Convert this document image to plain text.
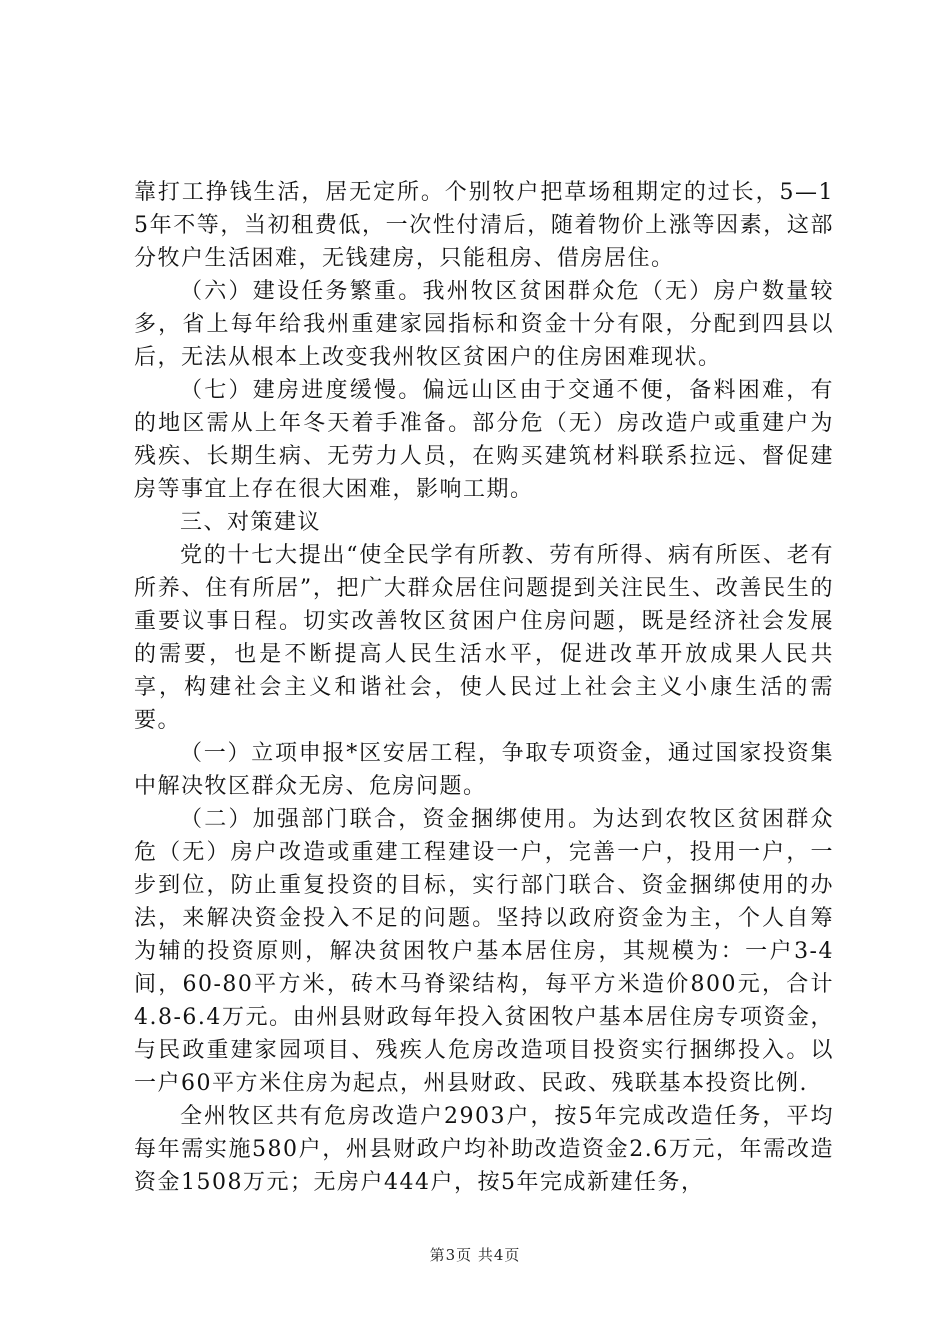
靠打工挣钱生活，居无定所。个别牧户把草场租期定的过长，5—15年不等，当初租费低，一次性付清后，随着物价上涨等因素，这部分牧户生活困难，无钱建房，只能租房、借房居住。

（六）建设任务繁重。我州牧区贫困群众危（无）房户数量较多，省上每年给我州重建家园指标和资金十分有限，分配到四县以后，无法从根本上改变我州牧区贫困户的住房困难现状。

（七）建房进度缓慢。偏远山区由于交通不便，备料困难，有的地区需从上年冬天着手准备。部分危（无）房改造户或重建户为残疾、长期生病、无劳力人员，在购买建筑材料联系拉远、督促建房等事宜上存在很大困难，影响工期。

三、对策建议

党的十七大提出“使全民学有所教、劳有所得、病有所医、老有所养、住有所居”，把广大群众居住问题提到关注民生、改善民生的重要议事日程。切实改善牧区贫困户住房问题，既是经济社会发展的需要，也是不断提高人民生活水平，促进改革开放成果人民共享，构建社会主义和谐社会，使人民过上社会主义小康生活的需要。

（一）立项申报*区安居工程，争取专项资金，通过国家投资集中解决牧区群众无房、危房问题。

（二）加强部门联合，资金捆绑使用。为达到农牧区贫困群众危（无）房户改造或重建工程建设一户，完善一户，投用一户，一步到位，防止重复投资的目标，实行部门联合、资金捆绑使用的办法，来解决资金投入不足的问题。坚持以政府资金为主，个人自筹为辅的投资原则，解决贫困牧户基本居住房，其规模为：一户3-4间，60-80平方米，砖木马脊梁结构，每平方米造价800元，合计4.8-6.4万元。由州县财政每年投入贫困牧户基本居住房专项资金，与民政重建家园项目、残疾人危房改造项目投资实行捆绑投入。以一户60平方米住房为起点，州县财政、民政、残联基本投资比例.

全州牧区共有危房改造户2903户，按5年完成改造任务，平均每年需实施580户，州县财政户均补助改造资金2.6万元，年需改造资金1508万元；无房户444户，按5年完成新建任务，

第3页 共4页
